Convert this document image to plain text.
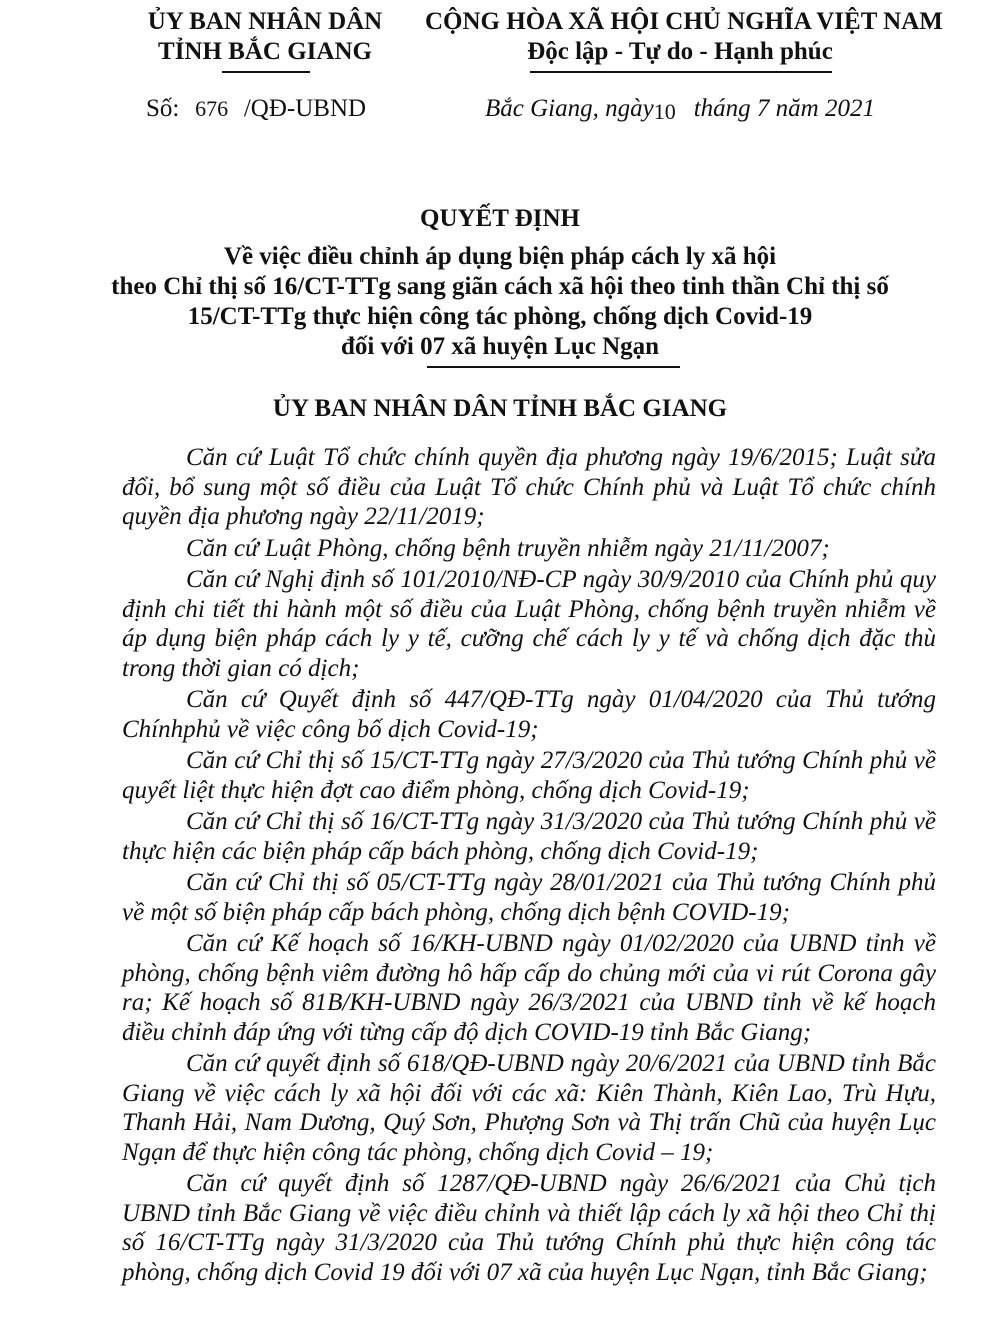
ỦY BAN NHÂN DÂN
TỈNH BẮC GIANG
CỘNG HÒA XÃ HỘI CHỦ NGHĨA VIỆT NAM
Độc lập - Tự do - Hạnh phúc
Số: 676 /QĐ-UBND	Bắc Giang, ngày10 tháng 7 năm 2021
QUYẾT ĐỊNH
Về việc điều chỉnh áp dụng biện pháp cách ly xã hội
theo Chỉ thị số 16/CT-TTg sang giãn cách xã hội theo tinh thần Chỉ thị số
15/CT-TTg thực hiện công tác phòng, chống dịch Covid-19
đối với 07 xã huyện Lục Ngạn
ỦY BAN NHÂN DÂN TỈNH BẮC GIANG

Căn cứ Luật Tổ chức chính quyền địa phương ngày 19/6/2015; Luật sửa đổi, bổ sung một số điều của Luật Tổ chức Chính phủ và Luật Tổ chức chính quyền địa phương ngày 22/11/2019;

Căn cứ Luật Phòng, chống bệnh truyền nhiễm ngày 21/11/2007;

Căn cứ Nghị định số 101/2010/NĐ-CP ngày 30/9/2010 của Chính phủ quy định chi tiết thi hành một số điều của Luật Phòng, chống bệnh truyền nhiễm về áp dụng biện pháp cách ly y tế, cưỡng chế cách ly y tế và chống dịch đặc thù trong thời gian có dịch;

Căn cứ Quyết định số 447/QĐ-TTg ngày 01/04/2020 của Thủ tướng Chínhphủ về việc công bố dịch Covid-19;

Căn cứ Chỉ thị số 15/CT-TTg ngày 27/3/2020 của Thủ tướng Chính phủ về quyết liệt thực hiện đợt cao điểm phòng, chống dịch Covid-19;

Căn cứ Chỉ thị số 16/CT-TTg ngày 31/3/2020 của Thủ tướng Chính phủ về thực hiện các biện pháp cấp bách phòng, chống dịch Covid-19;

Căn cứ Chỉ thị số 05/CT-TTg ngày 28/01/2021 của Thủ tướng Chính phủ về một số biện pháp cấp bách phòng, chống dịch bệnh COVID-19;

Căn cứ Kế hoạch số 16/KH-UBND ngày 01/02/2020 của UBND tỉnh về phòng, chống bệnh viêm đường hô hấp cấp do chủng mới của vi rút Corona gây ra; Kế hoạch số 81B/KH-UBND ngày 26/3/2021 của UBND tỉnh về kế hoạch điều chỉnh đáp ứng với từng cấp độ dịch COVID-19 tỉnh Bắc Giang;

Căn cứ quyết định số 618/QĐ-UBND ngày 20/6/2021 của UBND tỉnh Bắc Giang về việc cách ly xã hội đối với các xã: Kiên Thành, Kiên Lao, Trù Hựu, Thanh Hải, Nam Dương, Quý Sơn, Phượng Sơn và Thị trấn Chũ của huyện Lục Ngạn để thực hiện công tác phòng, chống dịch Covid – 19;

Căn cứ quyết định số 1287/QĐ-UBND ngày 26/6/2021 của Chủ tịch UBND tỉnh Bắc Giang về việc điều chỉnh và thiết lập cách ly xã hội theo Chỉ thị số 16/CT-TTg ngày 31/3/2020 của Thủ tướng Chính phủ thực hiện công tác phòng, chống dịch Covid 19 đối với 07 xã của huyện Lục Ngạn, tỉnh Bắc Giang;
